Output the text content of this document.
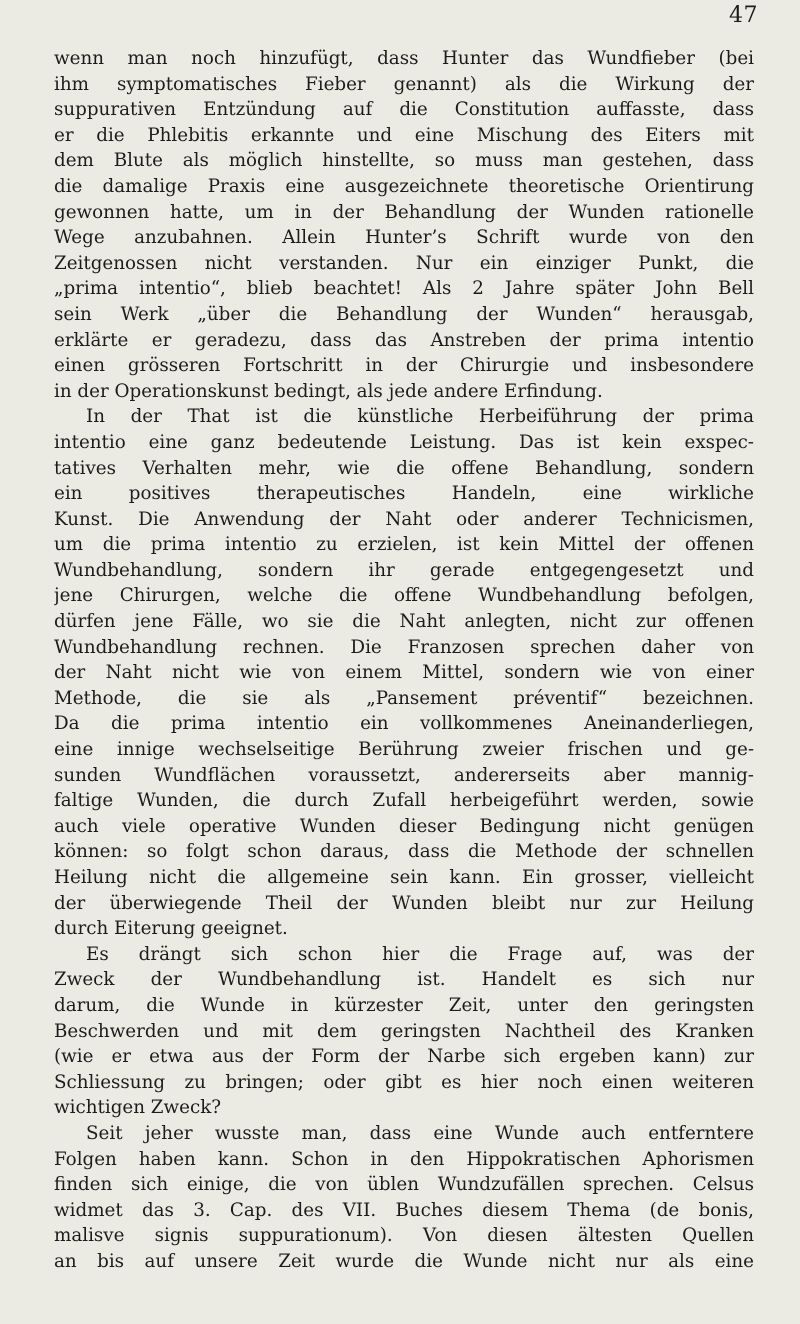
47
wenn man noch hinzufügt, dass Hunter das Wundfieber (bei
ihm symptomatisches Fieber genannt) als die Wirkung der
suppurativen Entzündung auf die Constitution auffasste, dass
er die Phlebitis erkannte und eine Mischung des Eiters mit
dem Blute als möglich hinstellte, so muss man gestehen, dass
die damalige Praxis eine ausgezeichnete theoretische Orientirung
gewonnen hatte, um in der Behandlung der Wunden rationelle
Wege anzubahnen. Allein Hunter’s Schrift wurde von den
Zeitgenossen nicht verstanden. Nur ein einziger Punkt, die
„prima intentio“, blieb beachtet! Als 2 Jahre später John Bell
sein Werk „über die Behandlung der Wunden“ herausgab,
erklärte er geradezu, dass das Anstreben der prima intentio
einen grösseren Fortschritt in der Chirurgie und insbesondere
in der Operationskunst bedingt, als jede andere Erfindung.
In der That ist die künstliche Herbeiführung der prima
intentio eine ganz bedeutende Leistung. Das ist kein exspec-
tatives Verhalten mehr, wie die offene Behandlung, sondern
ein positives therapeutisches Handeln, eine wirkliche
Kunst. Die Anwendung der Naht oder anderer Technicismen,
um die prima intentio zu erzielen, ist kein Mittel der offenen
Wundbehandlung, sondern ihr gerade entgegengesetzt und
jene Chirurgen, welche die offene Wundbehandlung befolgen,
dürfen jene Fälle, wo sie die Naht anlegten, nicht zur offenen
Wundbehandlung rechnen. Die Franzosen sprechen daher von
der Naht nicht wie von einem Mittel, sondern wie von einer
Methode, die sie als „Pansement préventif“ bezeichnen.
Da die prima intentio ein vollkommenes Aneinanderliegen,
eine innige wechselseitige Berührung zweier frischen und ge-
sunden Wundflächen voraussetzt, andererseits aber mannig-
faltige Wunden, die durch Zufall herbeigeführt werden, sowie
auch viele operative Wunden dieser Bedingung nicht genügen
können: so folgt schon daraus, dass die Methode der schnellen
Heilung nicht die allgemeine sein kann. Ein grosser, vielleicht
der überwiegende Theil der Wunden bleibt nur zur Heilung
durch Eiterung geeignet.
Es drängt sich schon hier die Frage auf, was der
Zweck der Wundbehandlung ist. Handelt es sich nur
darum, die Wunde in kürzester Zeit, unter den geringsten
Beschwerden und mit dem geringsten Nachtheil des Kranken
(wie er etwa aus der Form der Narbe sich ergeben kann) zur
Schliessung zu bringen; oder gibt es hier noch einen weiteren
wichtigen Zweck?
Seit jeher wusste man, dass eine Wunde auch entferntere
Folgen haben kann. Schon in den Hippokratischen Aphorismen
finden sich einige, die von üblen Wundzufällen sprechen. Celsus
widmet das 3. Cap. des VII. Buches diesem Thema (de bonis,
malisve signis suppurationum). Von diesen ältesten Quellen
an bis auf unsere Zeit wurde die Wunde nicht nur als eine
